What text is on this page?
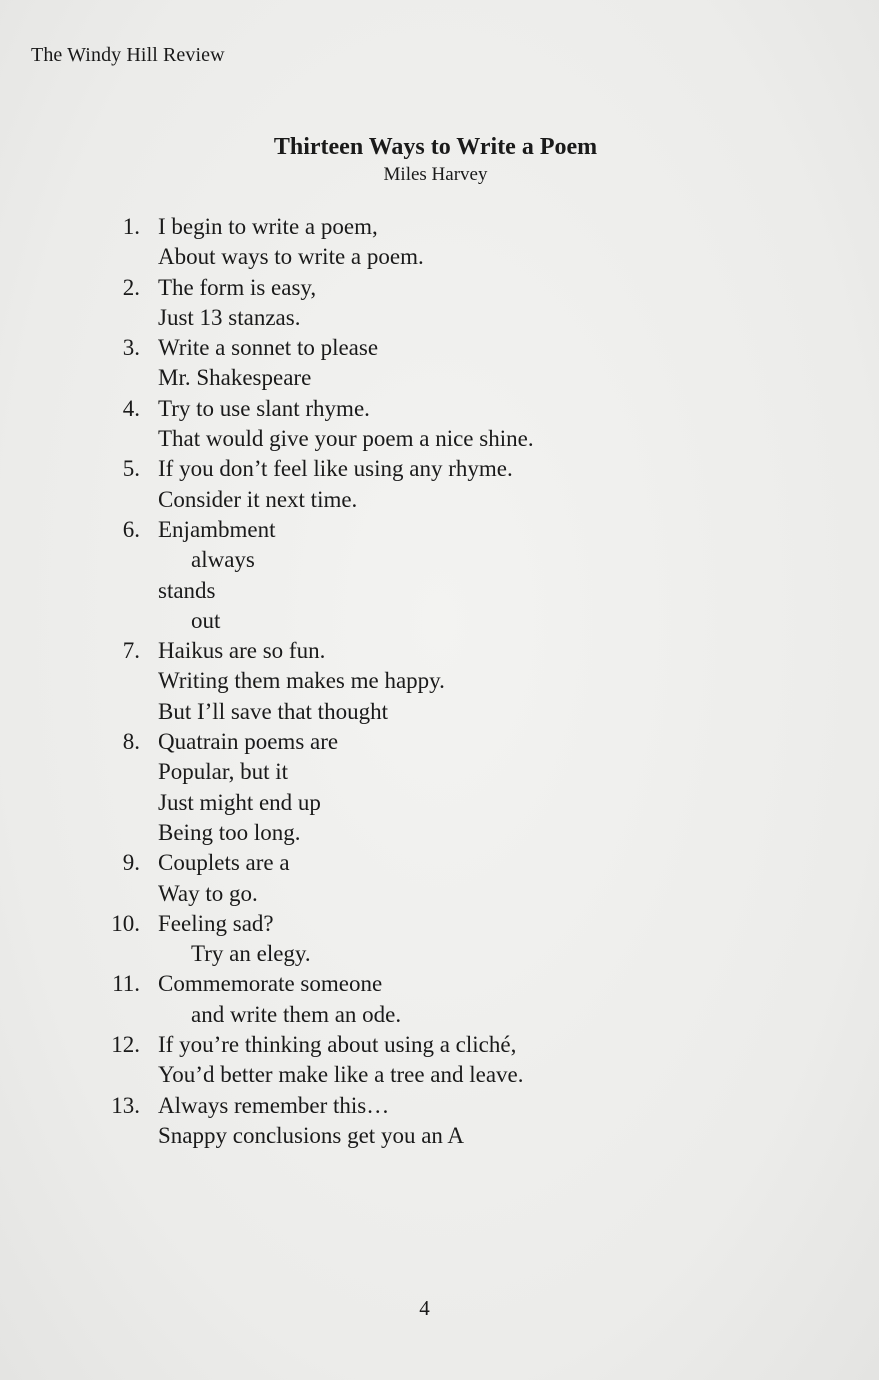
The Windy Hill Review
Thirteen Ways to Write a Poem
Miles Harvey
1. I begin to write a poem,
About ways to write a poem.
2. The form is easy,
Just 13 stanzas.
3. Write a sonnet to please
Mr. Shakespeare
4. Try to use slant rhyme.
That would give your poem a nice shine.
5. If you don’t feel like using any rhyme.
Consider it next time.
6. Enjambment
always
stands
out
7. Haikus are so fun.
Writing them makes me happy.
But I’ll save that thought
8. Quatrain poems are
Popular, but it
Just might end up
Being too long.
9. Couplets are a
Way to go.
10. Feeling sad?
Try an elegy.
11. Commemorate someone
and write them an ode.
12. If you’re thinking about using a cliché,
You’d better make like a tree and leave.
13. Always remember this…
Snappy conclusions get you an A
4
